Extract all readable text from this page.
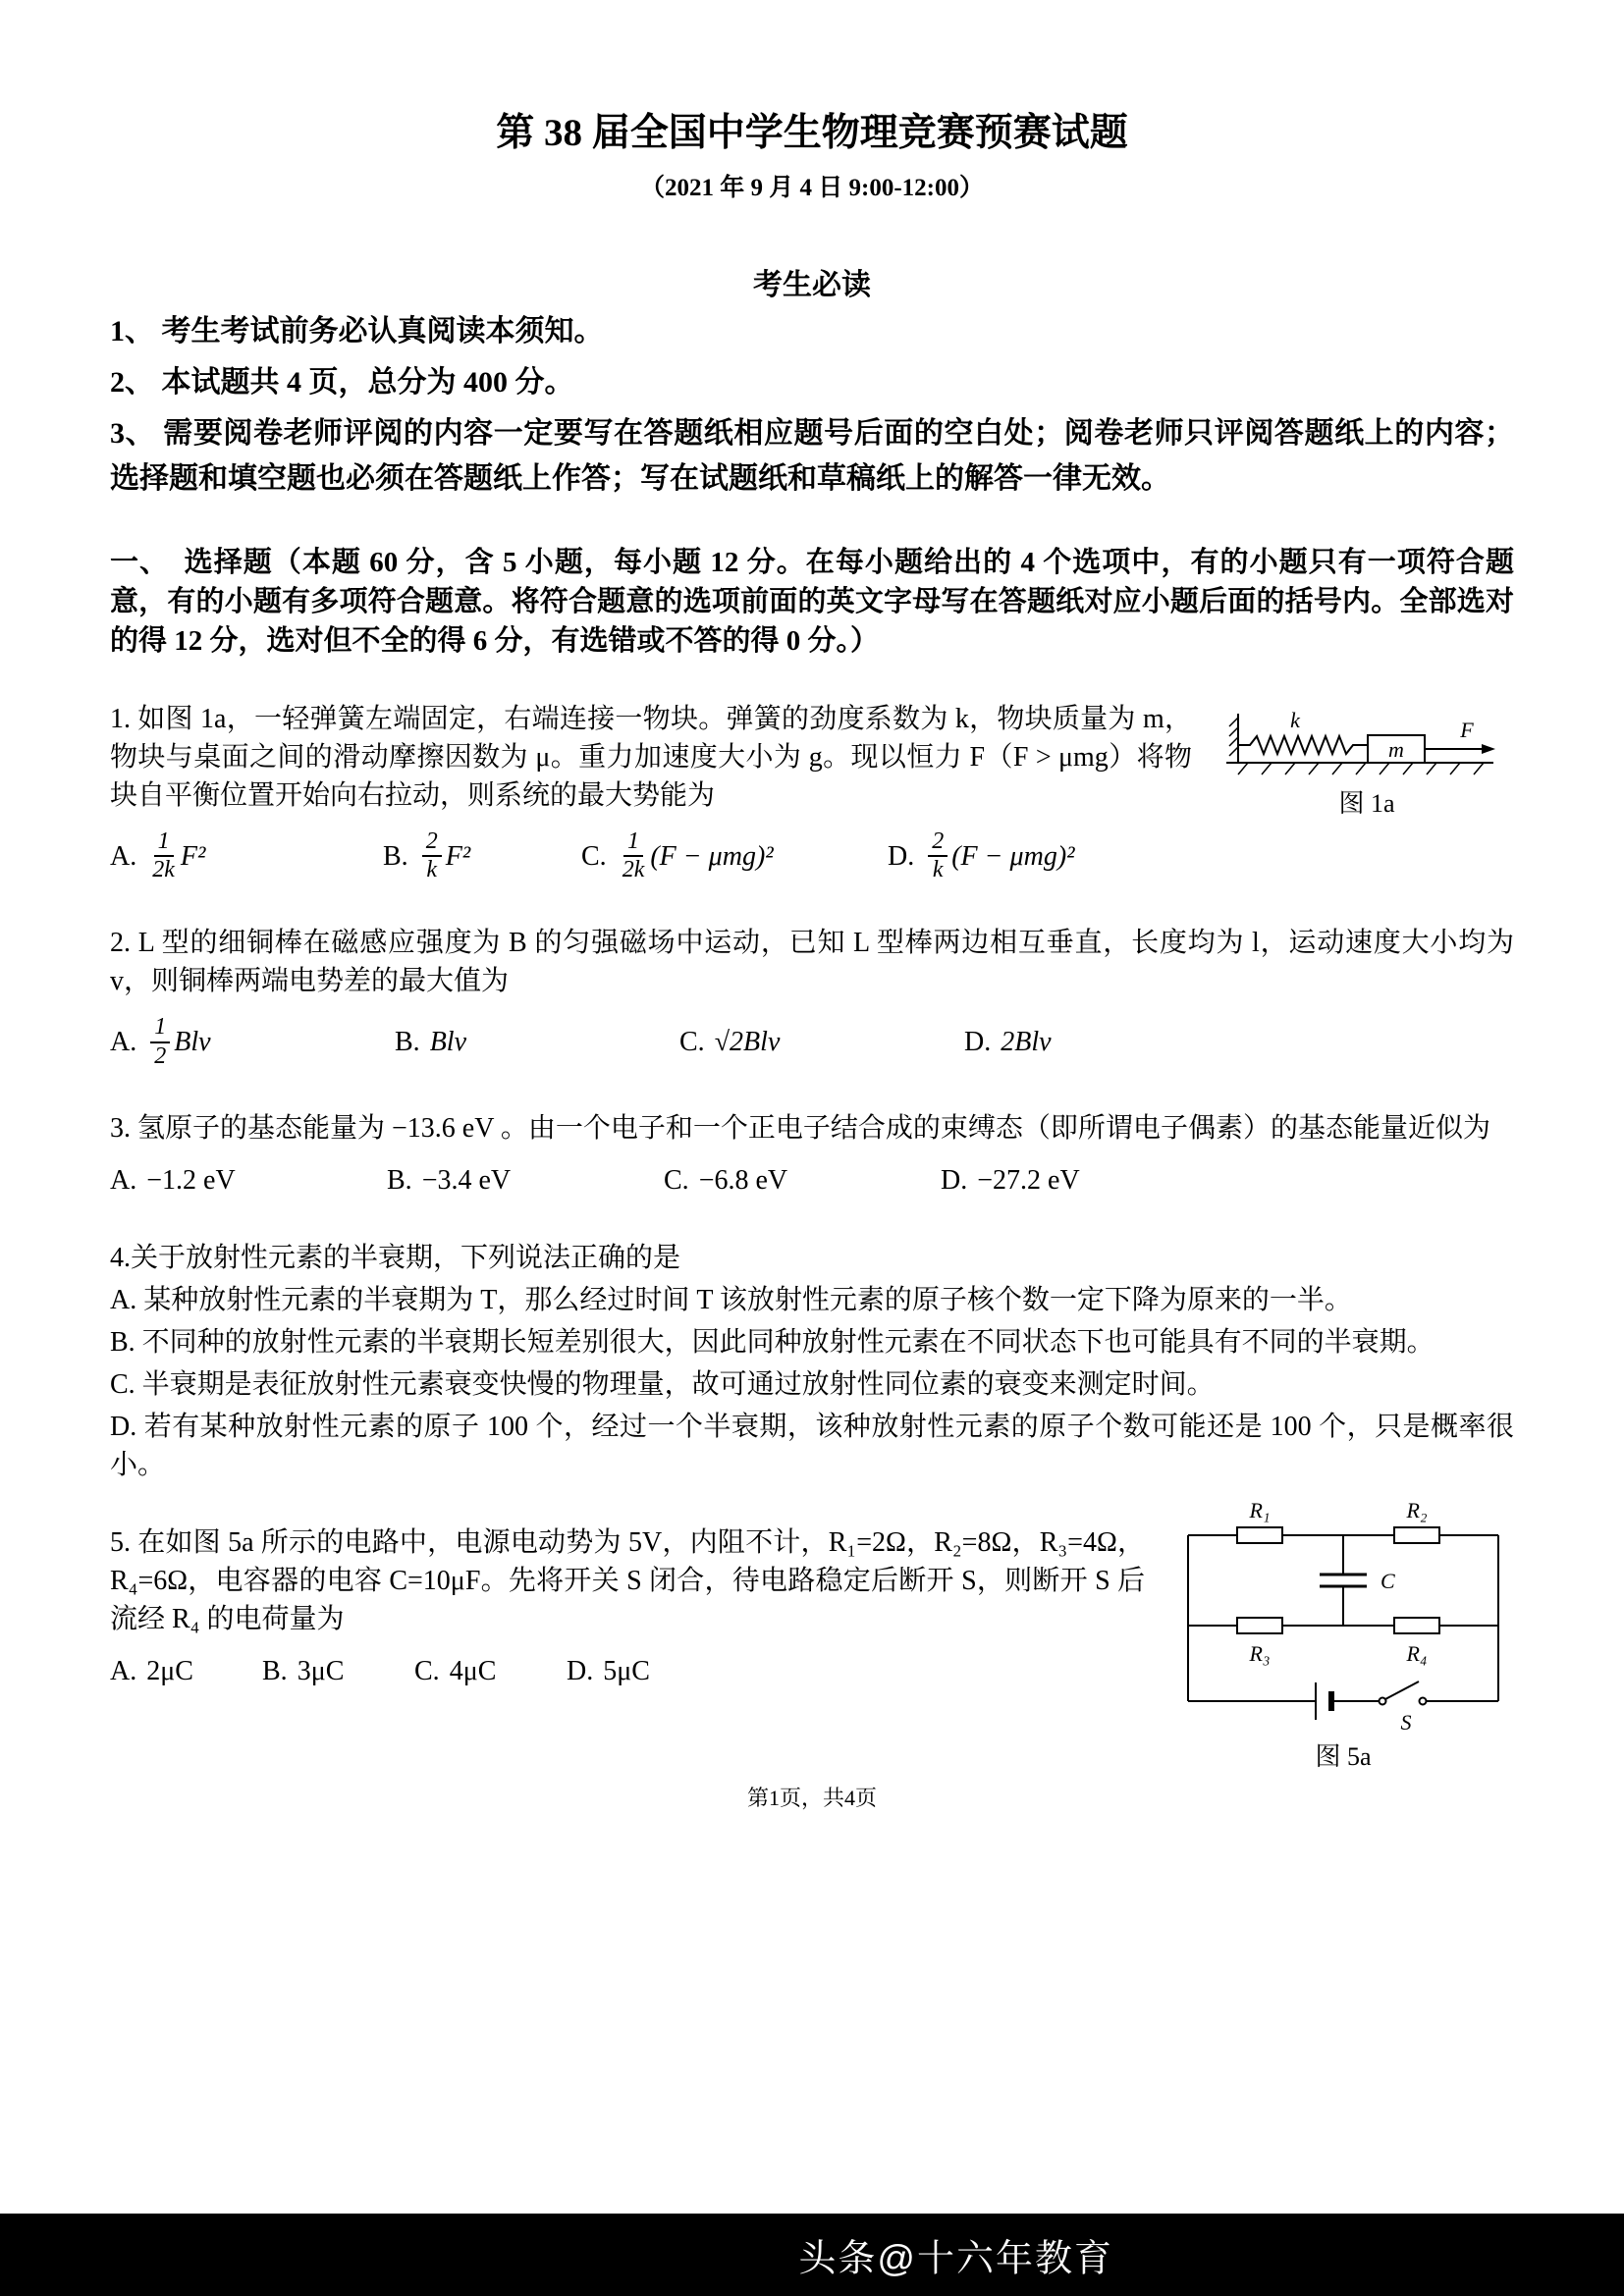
第 38 届全国中学生物理竞赛预赛试题
（2021 年 9 月 4 日 9:00-12:00）
考生必读
1、 考生考试前务必认真阅读本须知。
2、 本试题共 4 页，总分为 400 分。
3、 需要阅卷老师评阅的内容一定要写在答题纸相应题号后面的空白处；阅卷老师只评阅答题纸上的内容；选择题和填空题也必须在答题纸上作答；写在试题纸和草稿纸上的解答一律无效。
一、　选择题（本题 60 分，含 5 小题，每小题 12 分。在每小题给出的 4 个选项中，有的小题只有一项符合题意，有的小题有多项符合题意。将符合题意的选项前面的英文字母写在答题纸对应小题后面的括号内。全部选对的得 12 分，选对但不全的得 6 分，有选错或不答的得 0 分。）
k
m
F
图 1a
1. 如图 1a，一轻弹簧左端固定，右端连接一物块。弹簧的劲度系数为 k，物块质量为 m，物块与桌面之间的滑动摩擦因数为 μ。重力加速度大小为 g。现以恒力 F（F > μmg）将物块自平衡位置开始向右拉动，则系统的最大势能为
A. $\frac{1}{2k} F^2$	B. $\frac{2}{k} F^2$	C. $\frac{1}{2k} (F - \mu mg)^2$	D. $\frac{2}{k} (F - \mu mg)^2$
2. L 型的细铜棒在磁感应强度为 B 的匀强磁场中运动，已知 L 型棒两边相互垂直，长度均为 l，运动速度大小均为 v，则铜棒两端电势差的最大值为
A. $\frac{1}{2}$ Blv	B. Blv	C. √2Blv	D. 2Blv
3. 氢原子的基态能量为 −13.6 eV 。由一个电子和一个正电子结合成的束缚态（即所谓电子偶素）的基态能量近似为
A. −1.2 eV	B. −3.4 eV	C. −6.8 eV	D. −27.2 eV
4.关于放射性元素的半衰期，下列说法正确的是
A. 某种放射性元素的半衰期为 T，那么经过时间 T 该放射性元素的原子核个数一定下降为原来的一半。
B. 不同种的放射性元素的半衰期长短差别很大，因此同种放射性元素在不同状态下也可能具有不同的半衰期。
C. 半衰期是表征放射性元素衰变快慢的物理量，故可通过放射性同位素的衰变来测定时间。
D. 若有某种放射性元素的原子 100 个，经过一个半衰期，该种放射性元素的原子个数可能还是 100 个，只是概率很小。
S
C
R₁	R₂
R₃	R₄
图 5a
5. 在如图 5a 所示的电路中，电源电动势为 5V，内阻不计，R₁=2Ω，R₂=8Ω，R₃=4Ω，R₄=6Ω，电容器的电容 C=10μF。先将开关 S 闭合，待电路稳定后断开 S，则断开 S 后流经 R₄ 的电荷量为
A. 2μC	B. 3μC	C. 4μC	D. 5μC
第1页，共4页
头条@十六年教育
